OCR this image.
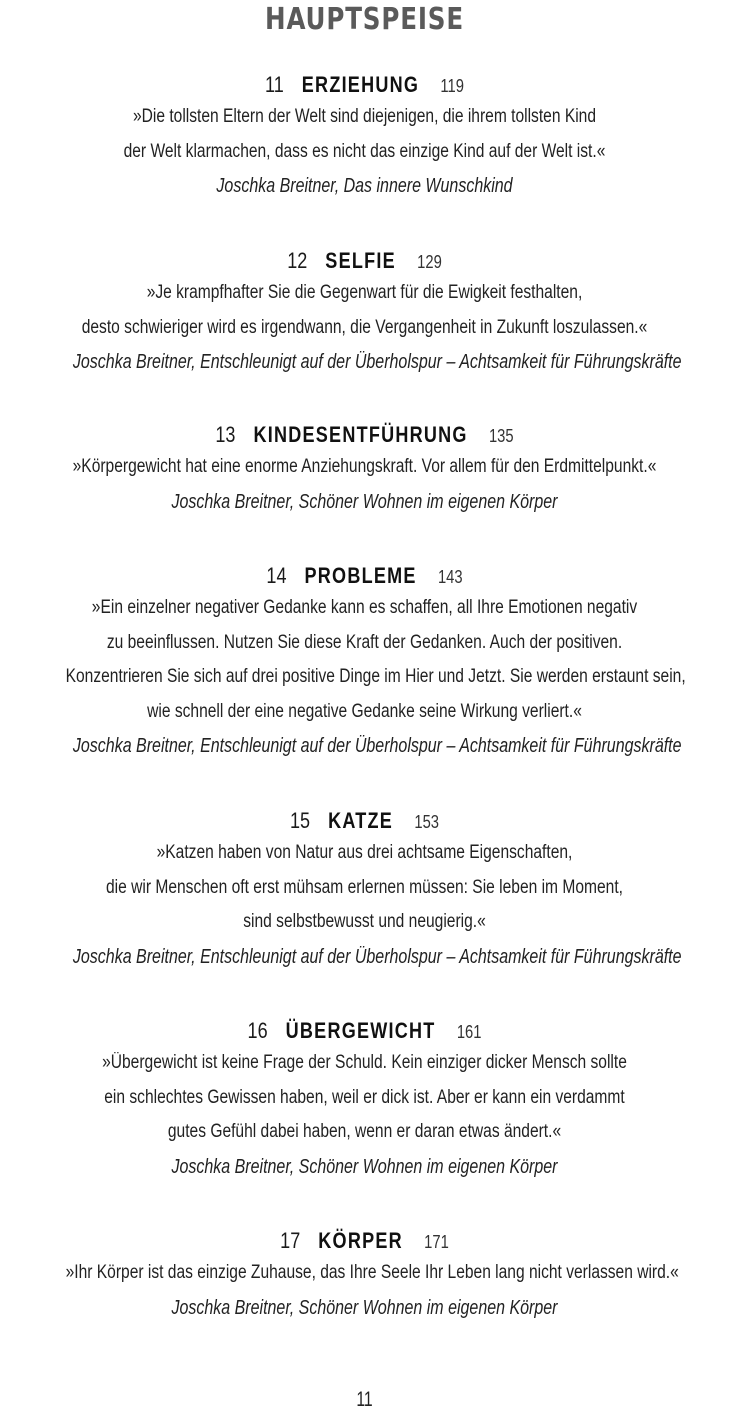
HAUPTSPEISE
11 ERZIEHUNG 119
»Die tollsten Eltern der Welt sind diejenigen, die ihrem tollsten Kind
der Welt klarmachen, dass es nicht das einzige Kind auf der Welt ist.«
Joschka Breitner, Das innere Wunschkind
12 SELFIE 129
»Je krampfhafter Sie die Gegenwart für die Ewigkeit festhalten,
desto schwieriger wird es irgendwann, die Vergangenheit in Zukunft loszulassen.«
Joschka Breitner, Entschleunigt auf der Überholspur – Achtsamkeit für Führungskräfte
13 KINDESENTFÜHRUNG 135
»Körpergewicht hat eine enorme Anziehungskraft. Vor allem für den Erdmittelpunkt.«
Joschka Breitner, Schöner Wohnen im eigenen Körper
14 PROBLEME 143
»Ein einzelner negativer Gedanke kann es schaffen, all Ihre Emotionen negativ
zu beeinflussen. Nutzen Sie diese Kraft der Gedanken. Auch der positiven.
Konzentrieren Sie sich auf drei positive Dinge im Hier und Jetzt. Sie werden erstaunt sein,
wie schnell der eine negative Gedanke seine Wirkung verliert.«
Joschka Breitner, Entschleunigt auf der Überholspur – Achtsamkeit für Führungskräfte
15 KATZE 153
»Katzen haben von Natur aus drei achtsame Eigenschaften,
die wir Menschen oft erst mühsam erlernen müssen: Sie leben im Moment,
sind selbstbewusst und neugierig.«
Joschka Breitner, Entschleunigt auf der Überholspur – Achtsamkeit für Führungskräfte
16 ÜBERGEWICHT 161
»Übergewicht ist keine Frage der Schuld. Kein einziger dicker Mensch sollte
ein schlechtes Gewissen haben, weil er dick ist. Aber er kann ein verdammt
gutes Gefühl dabei haben, wenn er daran etwas ändert.«
Joschka Breitner, Schöner Wohnen im eigenen Körper
17 KÖRPER 171
»Ihr Körper ist das einzige Zuhause, das Ihre Seele Ihr Leben lang nicht verlassen wird.«
Joschka Breitner, Schöner Wohnen im eigenen Körper
11
